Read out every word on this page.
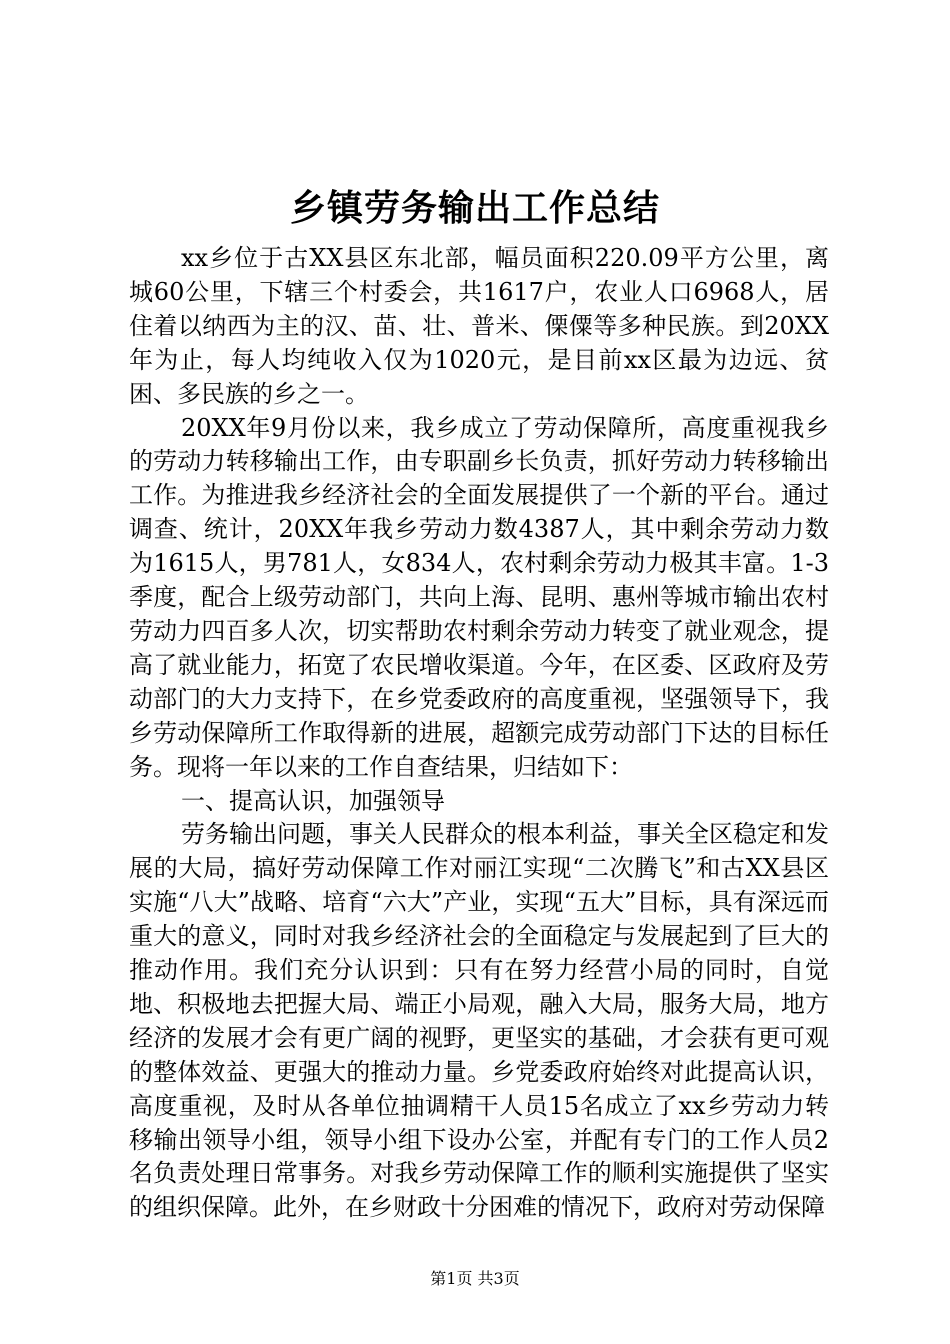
乡镇劳务输出工作总结

xx乡位于古XX县区东北部，幅员面积220.09平方公里，离城60公里，下辖三个村委会，共1617户，农业人口6968人，居住着以纳西为主的汉、苗、壮、普米、傈僳等多种民族。到20XX年为止，每人均纯收入仅为1020元，是目前xx区最为边远、贫困、多民族的乡之一。

20XX年9月份以来，我乡成立了劳动保障所，高度重视我乡的劳动力转移输出工作，由专职副乡长负责，抓好劳动力转移输出工作。为推进我乡经济社会的全面发展提供了一个新的平台。通过调查、统计，20XX年我乡劳动力数4387人，其中剩余劳动力数为1615人，男781人，女834人，农村剩余劳动力极其丰富。1-3季度，配合上级劳动部门，共向上海、昆明、惠州等城市输出农村劳动力四百多人次，切实帮助农村剩余劳动力转变了就业观念，提高了就业能力，拓宽了农民增收渠道。今年，在区委、区政府及劳动部门的大力支持下，在乡党委政府的高度重视，坚强领导下，我乡劳动保障所工作取得新的进展，超额完成劳动部门下达的目标任务。现将一年以来的工作自查结果，归结如下：

一、提高认识，加强领导

劳务输出问题，事关人民群众的根本利益，事关全区稳定和发展的大局，搞好劳动保障工作对丽江实现“二次腾飞”和古XX县区实施“八大”战略、培育“六大”产业，实现“五大”目标，具有深远而重大的意义，同时对我乡经济社会的全面稳定与发展起到了巨大的推动作用。我们充分认识到：只有在努力经营小局的同时，自觉地、积极地去把握大局、端正小局观，融入大局，服务大局，地方经济的发展才会有更广阔的视野，更坚实的基础，才会获有更可观的整体效益、更强大的推动力量。乡党委政府始终对此提高认识，高度重视，及时从各单位抽调精干人员15名成立了xx乡劳动力转移输出领导小组，领导小组下设办公室，并配有专门的工作人员2名负责处理日常事务。对我乡劳动保障工作的顺利实施提供了坚实的组织保障。此外，在乡财政十分困难的情况下，政府对劳动保障

第1页 共3页
